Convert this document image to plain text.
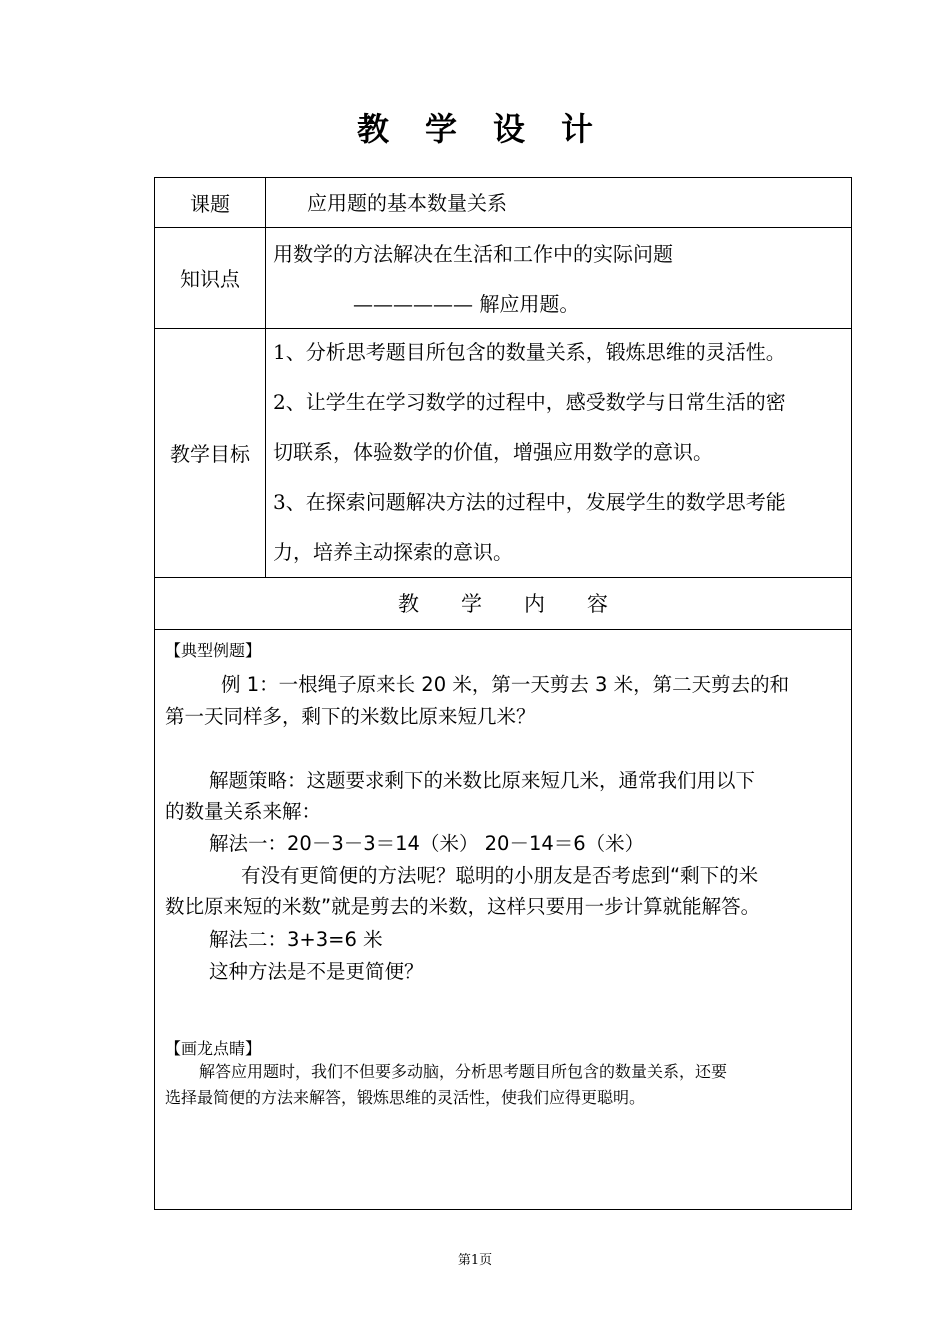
教学设计
课题	应用题的基本数量关系
知识点
用数学的方法解决在生活和工作中的实际问题
—————— 解应用题。
教学目标

1、分析思考题目所包含的数量关系，锻炼思维的灵活性。

2、让学生在学习数学的过程中，感受数学与日常生活的密

切联系，体验数学的价值，增强应用数学的意识。

3、在探索问题解决方法的过程中，发展学生的数学思考能

力，培养主动探索的意识。

教学内容
【典型例题】
例 1：一根绳子原来长 20 米，第一天剪去 3 米，第二天剪去的和
第一天同样多，剩下的米数比原来短几米？
解题策略：这题要求剩下的米数比原来短几米，通常我们用以下
的数量关系来解：
解法一：20－3－3＝14（米） 20－14＝6（米）
有没有更简便的方法呢？聪明的小朋友是否考虑到“剩下的米
数比原来短的米数”就是剪去的米数，这样只要用一步计算就能解答。
解法二：3+3=6 米
这种方法是不是更简便？
【画龙点睛】
解答应用题时，我们不但要多动脑，分析思考题目所包含的数量关系，还要
选择最简便的方法来解答，锻炼思维的灵活性，使我们应得更聪明。
第1页
